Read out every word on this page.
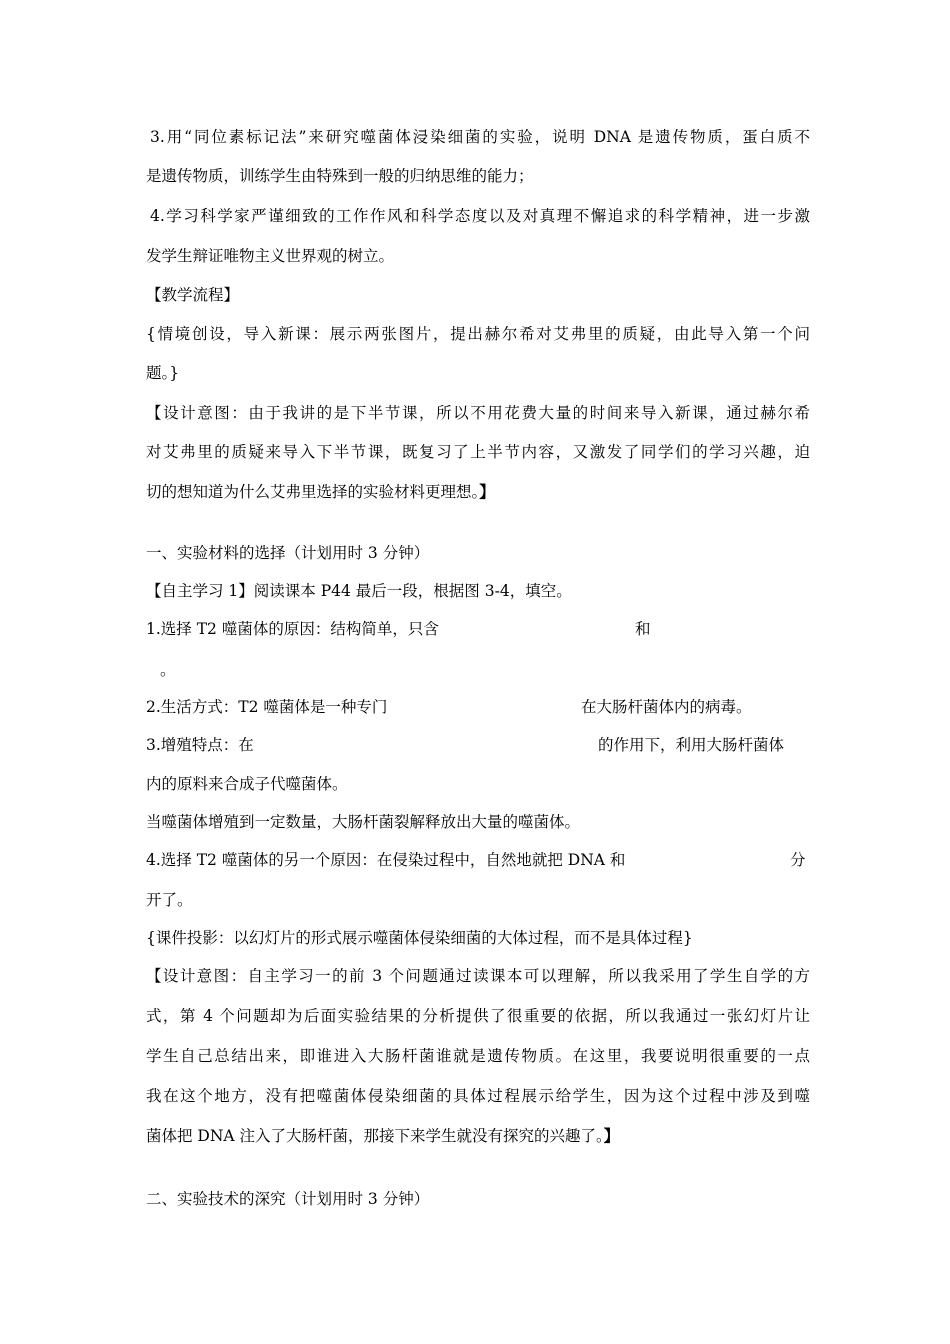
3.用“同位素标记法”来研究噬菌体浸染细菌的实验，说明 DNA 是遗传物质，蛋白质不
是遗传物质，训练学生由特殊到一般的归纳思维的能力；
4.学习科学家严谨细致的工作作风和科学态度以及对真理不懈追求的科学精神，进一步激
发学生辩证唯物主义世界观的树立。
【教学流程】
{情境创设，导入新课：展示两张图片，提出赫尔希对艾弗里的质疑，由此导入第一个问
题。}
【设计意图：由于我讲的是下半节课，所以不用花费大量的时间来导入新课，通过赫尔希
对艾弗里的质疑来导入下半节课，既复习了上半节内容，又激发了同学们的学习兴趣，迫
切的想知道为什么艾弗里选择的实验材料更理想。】
一、实验材料的选择（计划用时 3 分钟）
【自主学习 1】阅读课本 P44 最后一段，根据图 3-4，填空。
1.选择 T2 噬菌体的原因：结构简单，只含	和
。
2.生活方式：T2 噬菌体是一种专门	在大肠杆菌体内的病毒。
3.增殖特点：在	的作用下，利用大肠杆菌体
内的原料来合成子代噬菌体。
当噬菌体增殖到一定数量，大肠杆菌裂解释放出大量的噬菌体。
4.选择 T2 噬菌体的另一个原因：在侵染过程中，自然地就把 DNA 和	分
开了。
{课件投影：以幻灯片的形式展示噬菌体侵染细菌的大体过程，而不是具体过程}
【设计意图：自主学习一的前 3 个问题通过读课本可以理解，所以我采用了学生自学的方
式，第 4 个问题却为后面实验结果的分析提供了很重要的依据，所以我通过一张幻灯片让
学生自己总结出来，即谁进入大肠杆菌谁就是遗传物质。在这里，我要说明很重要的一点
我在这个地方，没有把噬菌体侵染细菌的具体过程展示给学生，因为这个过程中涉及到噬
菌体把 DNA 注入了大肠杆菌，那接下来学生就没有探究的兴趣了。】
二、实验技术的深究（计划用时 3 分钟）
